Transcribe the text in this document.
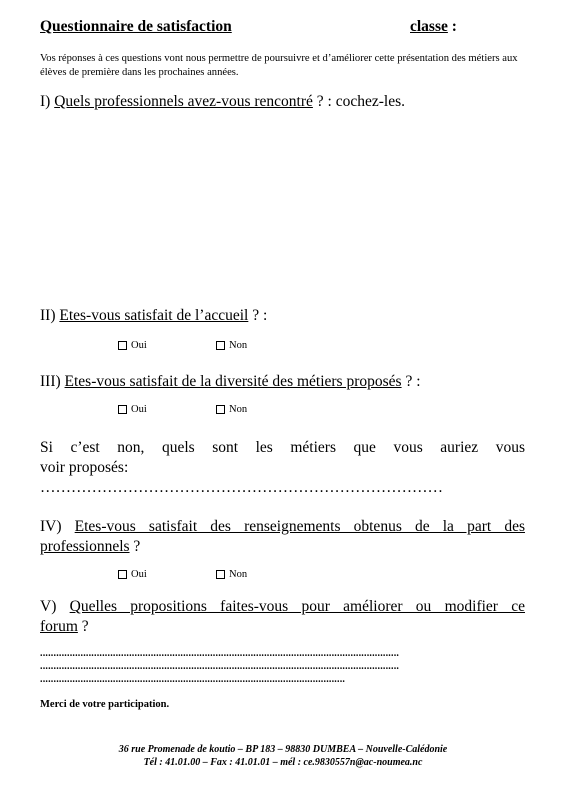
Questionnaire de satisfaction	classe :
Vos réponses à ces questions vont nous permettre de poursuivre et d’améliorer cette présentation des métiers aux élèves de première dans les prochaines années.
I) Quels professionnels avez-vous rencontré ? : cochez-les.
II) Etes-vous satisfait de l’accueil ? :
Oui	Non
III) Etes-vous satisfait de la diversité des métiers proposés ? :
Oui	Non
Si c’est non, quels sont les métiers que vous auriez vous
voir proposés:
……………………………………………………………………
IV) Etes-vous satisfait des renseignements obtenus de la part des
professionnels ?
Oui	Non
V) Quelles propositions faites-vous pour améliorer ou modifier ce
forum ?
.....................................................................................................................................
.....................................................................................................................................
.................................................................................................................
Merci de votre participation.
36 rue Promenade de koutio – BP 183 – 98830 DUMBEA – Nouvelle-Calédonie
Tél : 41.01.00 – Fax : 41.01.01 – mél : ce.9830557n@ac-noumea.nc
